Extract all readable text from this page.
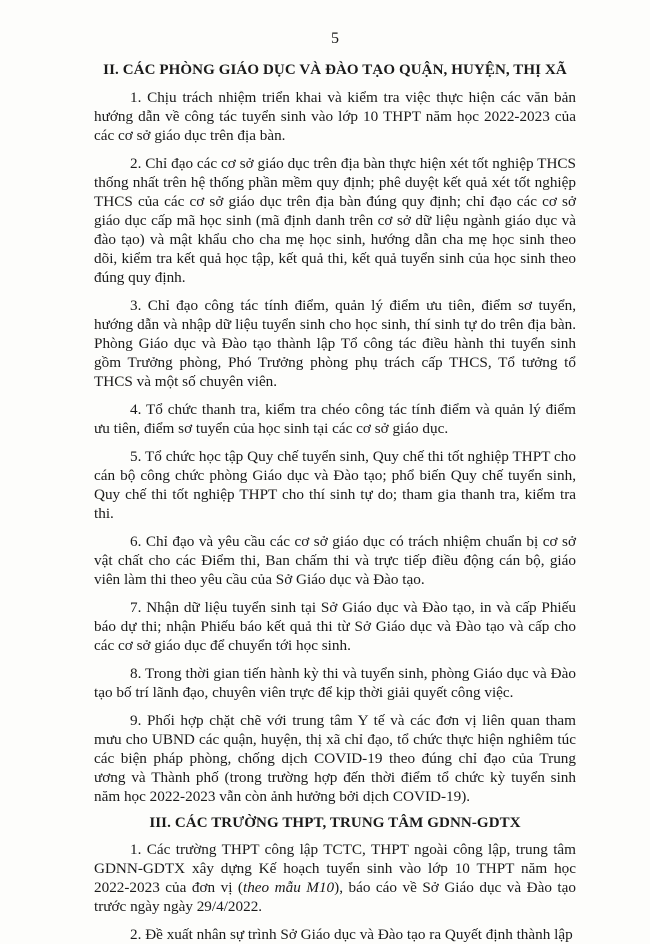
5
II. CÁC PHÒNG GIÁO DỤC VÀ ĐÀO TẠO QUẬN, HUYỆN, THỊ XÃ

1. Chịu trách nhiệm triển khai và kiểm tra việc thực hiện các văn bản hướng dẫn về công tác tuyển sinh vào lớp 10 THPT năm học 2022-2023 của các cơ sở giáo dục trên địa bàn.

2. Chỉ đạo các cơ sở giáo dục trên địa bàn thực hiện xét tốt nghiệp THCS thống nhất trên hệ thống phần mềm quy định; phê duyệt kết quả xét tốt nghiệp THCS của các cơ sở giáo dục trên địa bàn đúng quy định; chỉ đạo các cơ sở giáo dục cấp mã học sinh (mã định danh trên cơ sở dữ liệu ngành giáo dục và đào tạo) và mật khẩu cho cha mẹ học sinh, hướng dẫn cha mẹ học sinh theo dõi, kiểm tra kết quả học tập, kết quả thi, kết quả tuyển sinh của học sinh theo đúng quy định.

3. Chỉ đạo công tác tính điểm, quản lý điểm ưu tiên, điểm sơ tuyển, hướng dẫn và nhập dữ liệu tuyển sinh cho học sinh, thí sinh tự do trên địa bàn. Phòng Giáo dục và Đào tạo thành lập Tổ công tác điều hành thi tuyển sinh gồm Trưởng phòng, Phó Trưởng phòng phụ trách cấp THCS, Tổ tưởng tổ THCS và một số chuyên viên.

4. Tổ chức thanh tra, kiểm tra chéo công tác tính điểm và quản lý điểm ưu tiên, điểm sơ tuyển của học sinh tại các cơ sở giáo dục.

5. Tổ chức học tập Quy chế tuyển sinh, Quy chế thi tốt nghiệp THPT cho cán bộ công chức phòng Giáo dục và Đào tạo; phổ biến Quy chế tuyển sinh, Quy chế thi tốt nghiệp THPT cho thí sinh tự do; tham gia thanh tra, kiểm tra thi.

6. Chỉ đạo và yêu cầu các cơ sở giáo dục có trách nhiệm chuẩn bị cơ sở vật chất cho các Điểm thi, Ban chấm thi và trực tiếp điều động cán bộ, giáo viên làm thi theo yêu cầu của Sở Giáo dục và Đào tạo.

7. Nhận dữ liệu tuyển sinh tại Sở Giáo dục và Đào tạo, in và cấp Phiếu báo dự thi; nhận Phiếu báo kết quả thi từ Sở Giáo dục và Đào tạo và cấp cho các cơ sở giáo dục để chuyển tới học sinh.

8. Trong thời gian tiến hành kỳ thi và tuyển sinh, phòng Giáo dục và Đào tạo bố trí lãnh đạo, chuyên viên trực để kịp thời giải quyết công việc.

9. Phối hợp chặt chẽ với trung tâm Y tế và các đơn vị liên quan tham mưu cho UBND các quận, huyện, thị xã chỉ đạo, tổ chức thực hiện nghiêm túc các biện pháp phòng, chống dịch COVID-19 theo đúng chỉ đạo của Trung ương và Thành phố (trong trường hợp đến thời điểm tổ chức kỳ tuyển sinh năm học 2022-2023 vẫn còn ảnh hưởng bởi dịch COVID-19).

III. CÁC TRƯỜNG THPT, TRUNG TÂM GDNN-GDTX

1. Các trường THPT công lập TCTC, THPT ngoài công lập, trung tâm GDNN-GDTX xây dựng Kế hoạch tuyển sinh vào lớp 10 THPT năm học 2022-2023 của đơn vị (theo mẫu M10), báo cáo về Sở Giáo dục và Đào tạo trước ngày ngày 29/4/2022.

2. Đề xuất nhân sự trình Sở Giáo dục và Đào tạo ra Quyết định thành lập
